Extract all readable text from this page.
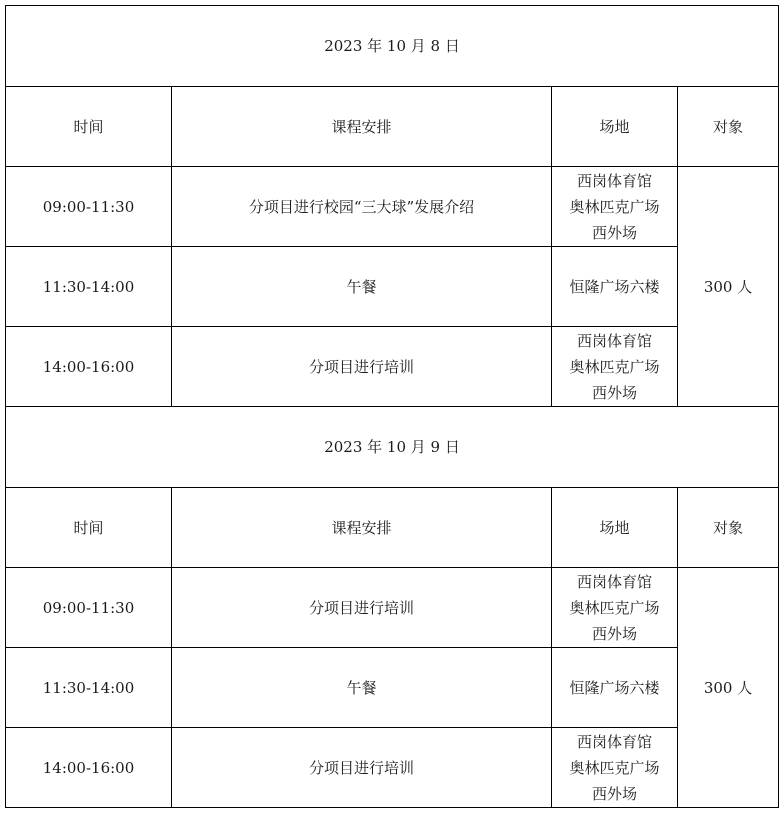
2023 年 10 月 8 日			
时间	课程安排	场地	对象
09:00-11:30	分项目进行校园“三大球”发展介绍	西岗体育馆
奥林匹克广场
西外场	300 人
11:30-14:00	午餐	恒隆广场六楼	

14:00-16:00	分项目进行培训	西岗体育馆
奥林匹克广场
西外场	

2023 年 10 月 9 日			
时间	课程安排	场地	对象
09:00-11:30	分项目进行培训	西岗体育馆
奥林匹克广场
西外场	300 人
11:30-14:00	午餐	恒隆广场六楼	

14:00-16:00	分项目进行培训	西岗体育馆
奥林匹克广场
西外场	
